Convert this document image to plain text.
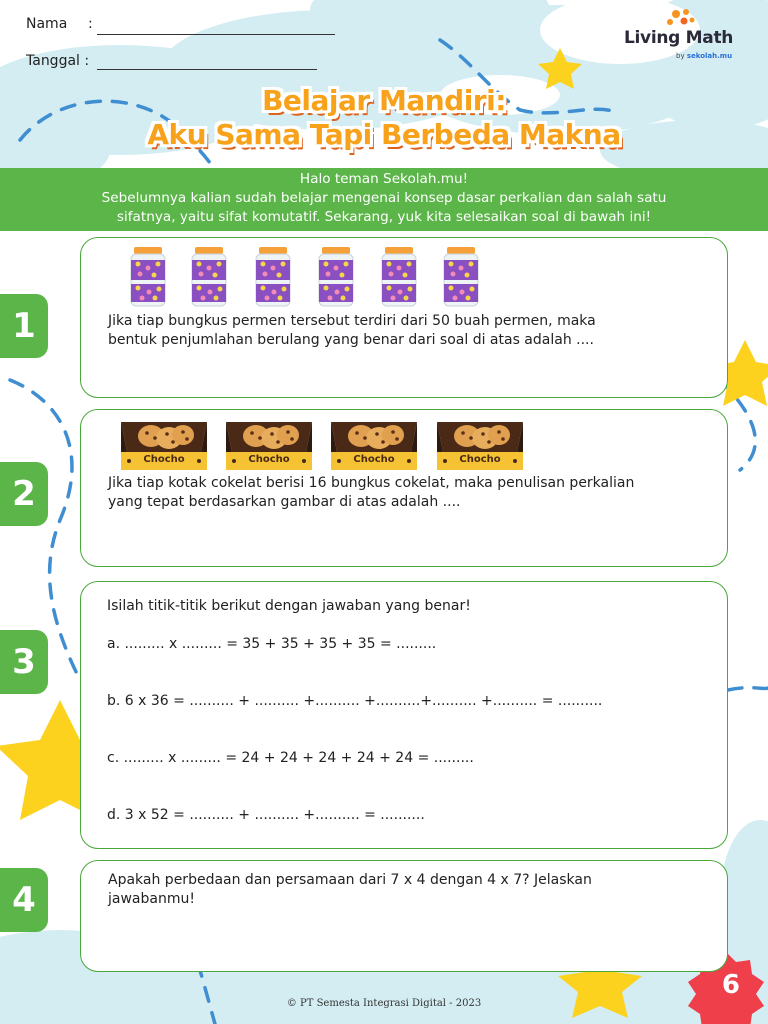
Nama :
Tanggal :
Living Math
by sekolah.mu
Belajar Mandiri:
Aku Sama Tapi Berbeda Makna
Halo teman Sekolah.mu!
Sebelumnya kalian sudah belajar mengenai konsep dasar perkalian dan salah satu
sifatnya, yaitu sifat komutatif. Sekarang, yuk kita selesaikan soal di bawah ini!
1
2
3
4
Jika tiap bungkus permen tersebut terdiri dari 50 buah permen, maka
bentuk penjumlahan berulang yang benar dari soal di atas adalah ....
Jika tiap kotak cokelat berisi 16 bungkus cokelat, maka penulisan perkalian
yang tepat berdasarkan gambar di atas adalah ....
Chocho	Chocho	Chocho	Chocho
Isilah titik-titik berikut dengan jawaban yang benar!
a. ......... x ......... = 35 + 35 + 35 + 35 = .........
b. 6 x 36 = .......... + .......... +.......... +..........+.......... +.......... = ..........
c. ......... x ......... = 24 + 24 + 24 + 24 + 24 = .........
d. 3 x 52 = .......... + .......... +.......... = ..........
Apakah perbedaan dan persamaan dari 7 x 4 dengan 4 x 7? Jelaskan
jawabanmu!
© PT Semesta Integrasi Digital - 2023
6
